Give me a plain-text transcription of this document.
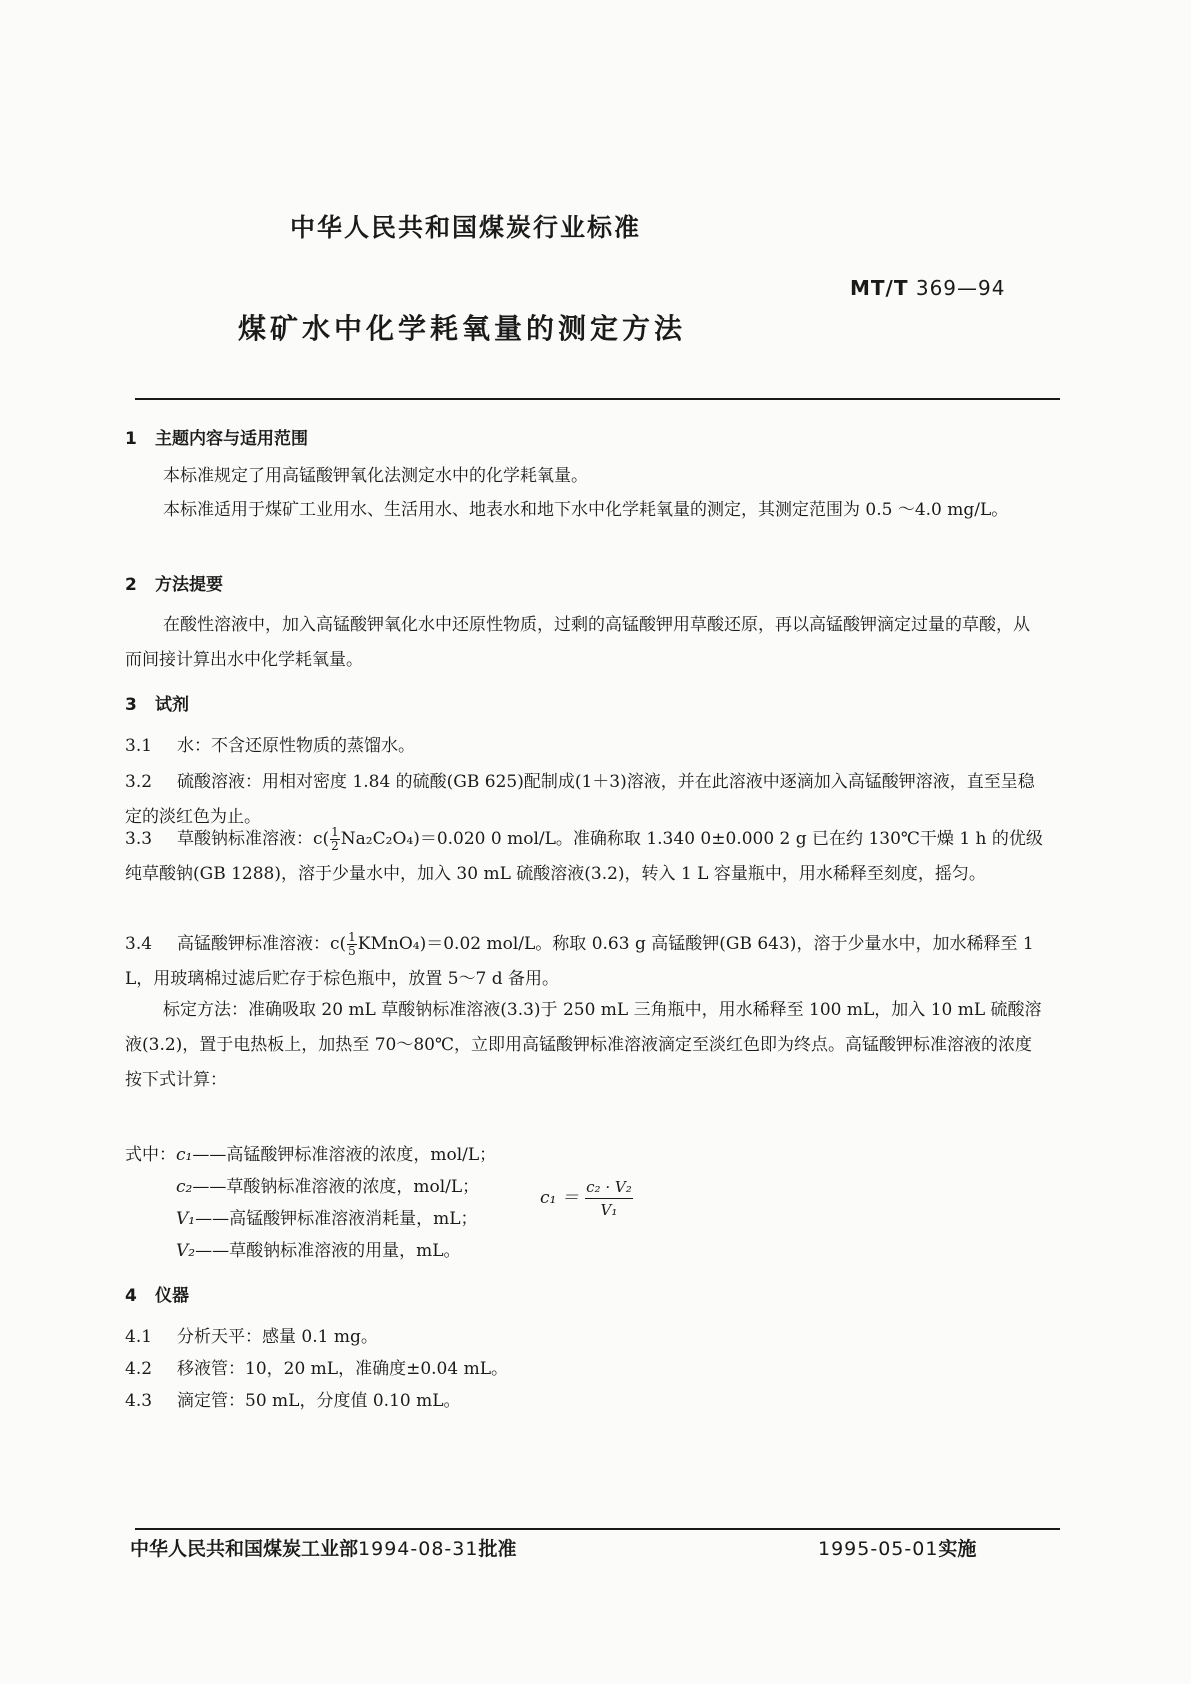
中华人民共和国煤炭行业标准
MT/T 369—94
煤矿水中化学耗氧量的测定方法
1 主题内容与适用范围
本标准规定了用高锰酸钾氧化法测定水中的化学耗氧量。
本标准适用于煤矿工业用水、生活用水、地表水和地下水中化学耗氧量的测定，其测定范围为 0.5 ～4.0 mg/L。
2 方法提要
在酸性溶液中，加入高锰酸钾氧化水中还原性物质，过剩的高锰酸钾用草酸还原，再以高锰酸钾滴定过量的草酸，从而间接计算出水中化学耗氧量。
3 试剂
3.1 水：不含还原性物质的蒸馏水。
3.2 硫酸溶液：用相对密度 1.84 的硫酸(GB 625)配制成(1＋3)溶液，并在此溶液中逐滴加入高锰酸钾溶液，直至呈稳定的淡红色为止。
3.3 草酸钠标准溶液：$c( \frac{1}{2} Na_2C_2O_4)=0.020$ 0 mol/L。准确称取 1.340 0±0.000 2 g 已在约 130℃干燥 1 h 的优级纯草酸钠(GB 1288)，溶于少量水中，加入 30 mL 硫酸溶液(3.2)，转入 1 L 容量瓶中，用水稀释至刻度，摇匀。
3.4 高锰酸钾标准溶液：$c( \frac{1}{5}$ KMnO₄)＝0.02 mol/L。称取 0.63 g 高锰酸钾(GB 643)，溶于少量水中，加水稀释至 1 L，用玻璃棉过滤后贮存于棕色瓶中，放置 5～7 d 备用。
标定方法：准确吸取 20 mL 草酸钠标准溶液(3.3)于 250 mL 三角瓶中，用水稀释至 100 mL，加入 10 mL 硫酸溶液(3.2)，置于电热板上，加热至 70～80℃，立即用高锰酸钾标准溶液滴定至淡红色即为终点。高锰酸钾标准溶液的浓度按下式计算：
$c_1 = \frac{\text{c₂ · V₂}}{\text{V₁}}$
式中： c₁——高锰酸钾标准溶液的浓度，mol/L；
c₂——草酸钠标准溶液的浓度，mol/L；
V₁——高锰酸钾标准溶液消耗量，mL；
V₂——草酸钠标准溶液的用量，mL。
4 仪器
4.1 分析天平：感量 0.1 mg。
4.2 移液管：10，20 mL，准确度±0.04 mL。
4.3 滴定管：50 mL，分度值 0.10 mL。
中华人民共和国煤炭工业部1994-08-31批准	1995-05-01实施
